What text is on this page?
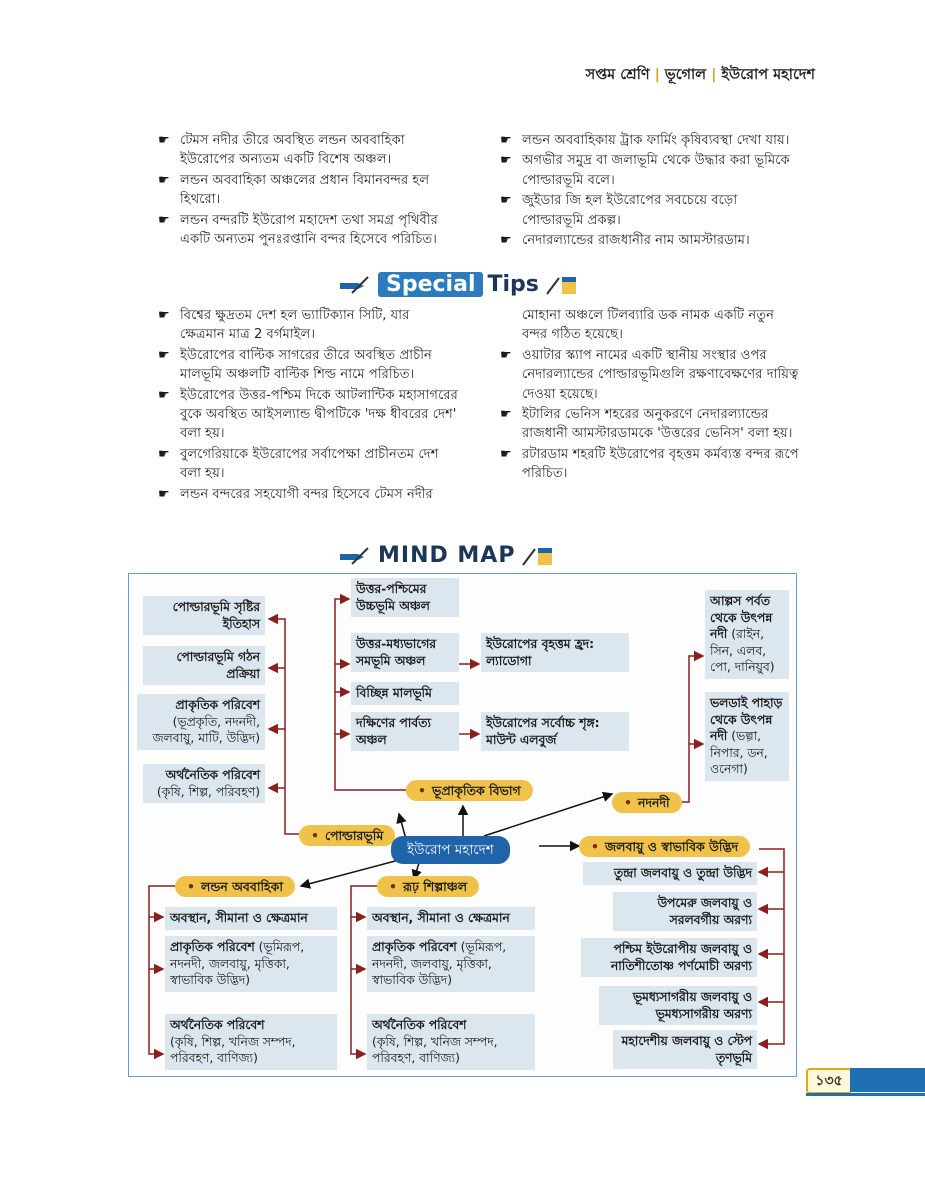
সপ্তম শ্রেণি | ভূগোল | ইউরোপ মহাদেশ
☛ টেমস নদীর তীরে অবস্থিত লন্ডন অববাহিকা ইউরোপের অন্যতম একটি বিশেষ অঞ্চল।
☛ লন্ডন অববাহিকা অঞ্চলের প্রধান বিমানবন্দর হল হিথরো।
☛ লন্ডন বন্দরটি ইউরোপ মহাদেশ তথা সমগ্র পৃথিবীর একটি অন্যতম পুনঃরপ্তানি বন্দর হিসেবে পরিচিত।
☛ লন্ডন অববাহিকায় ট্রাক ফার্মিং কৃষিব্যবস্থা দেখা যায়।
☛ অগভীর সমুদ্র বা জলাভূমি থেকে উদ্ধার করা ভূমিকে পোল্ডারভূমি বলে।
☛ জুইডার জি হল ইউরোপের সবচেয়ে বড়ো পোল্ডারভূমি প্রকল্প।
☛ নেদারল্যান্ডের রাজধানীর নাম আমস্টারডাম।
Special Tips
☛ বিশ্বের ক্ষুদ্রতম দেশ হল ভ্যাটিক্যান সিটি, যার ক্ষেত্রমান মাত্র 2 বর্গমাইল।
☛ ইউরোপের বাল্টিক সাগরের তীরে অবস্থিত প্রাচীন মালভূমি অঞ্চলটি বাল্টিক শিল্ড নামে পরিচিত।
☛ ইউরোপের উত্তর-পশ্চিম দিকে আটলান্টিক মহাসাগরের বুকে অবস্থিত আইসল্যান্ড দ্বীপটিকে 'দক্ষ ধীবরের দেশ' বলা হয়।
☛ বুলগেরিয়াকে ইউরোপের সর্বাপেক্ষা প্রাচীনতম দেশ বলা হয়।
☛ লন্ডন বন্দরের সহযোগী বন্দর হিসেবে টেমস নদীর
মোহানা অঞ্চলে টিলব্যারি ডক নামক একটি নতুন বন্দর গঠিত হয়েছে।
☛ ওয়াটার স্ক্যাপ নামের একটি স্থানীয় সংস্থার ওপর নেদারল্যান্ডের পোল্ডারভূমিগুলি রক্ষণাবেক্ষণের দায়িত্ব দেওয়া হয়েছে।
☛ ইটালির ভেনিস শহরের অনুকরণে নেদারল্যান্ডের রাজধানী আমস্টারডামকে 'উত্তরের ভেনিস' বলা হয়।
☛ রটারডাম শহরটি ইউরোপের বৃহত্তম কর্মব্যস্ত বন্দর রূপে পরিচিত।
MIND MAP
পোল্ডারভূমি সৃষ্টির ইতিহাস
পোল্ডারভূমি গঠন প্রক্রিয়া
প্রাকৃতিক পরিবেশ
(ভূপ্রকৃতি, নদনদী, জলবায়ু, মাটি, উদ্ভিদ)
অর্থনৈতিক পরিবেশ
(কৃষি, শিল্প, পরিবহণ)
• পোল্ডারভূমি
উত্তর-পশ্চিমের উচ্চভূমি অঞ্চল
উত্তর-মধ্যভাগের সমভূমি অঞ্চল
ইউরোপের বৃহত্তম হ্রদ: ল্যাডোগা
বিচ্ছিন্ন মালভূমি
দক্ষিণের পার্বত্য অঞ্চল
ইউরোপের সর্বোচ্চ শৃঙ্গ: মাউন্ট এলবুর্জ
• ভূপ্রাকৃতিক বিভাগ
আল্পস পর্বত থেকে উৎপন্ন নদী (রাইন, সিন, এলব, পো, দানিয়ুব)
ভলডাই পাহাড় থেকে উৎপন্ন নদী (ভল্গা, নিপার, ডন, ওনেগা)
• নদনদী
ইউরোপ মহাদেশ
•	জলবায়ু ও স্বাভাবিক উদ্ভিদ
তুন্দ্রা জলবায়ু ও তুন্দ্রা উদ্ভিদ
উপমেরু জলবায়ু ও সরলবর্গীয় অরণ্য
পশ্চিম ইউরোপীয় জলবায়ু ও নাতিশীতোষ্ণ পর্ণমোচী অরণ্য
ভূমধ্যসাগরীয় জলবায়ু ও ভূমধ্যসাগরীয় অরণ্য
মহাদেশীয় জলবায়ু ও স্টেপ তৃণভূমি
• লন্ডন অববাহিকা
অবস্থান, সীমানা ও ক্ষেত্রমান
প্রাকৃতিক পরিবেশ (ভূমিরূপ, নদনদী, জলবায়ু, মৃত্তিকা, স্বাভাবিক উদ্ভিদ)
অর্থনৈতিক পরিবেশ
(কৃষি, শিল্প, খনিজ সম্পদ, পরিবহণ, বাণিজ্য)
• রূঢ় শিল্পাঞ্চল
অবস্থান, সীমানা ও ক্ষেত্রমান
প্রাকৃতিক পরিবেশ (ভূমিরূপ, নদনদী, জলবায়ু, মৃত্তিকা, স্বাভাবিক উদ্ভিদ)
অর্থনৈতিক পরিবেশ
(কৃষি, শিল্প, খনিজ সম্পদ, পরিবহণ, বাণিজ্য)
১৩৫
